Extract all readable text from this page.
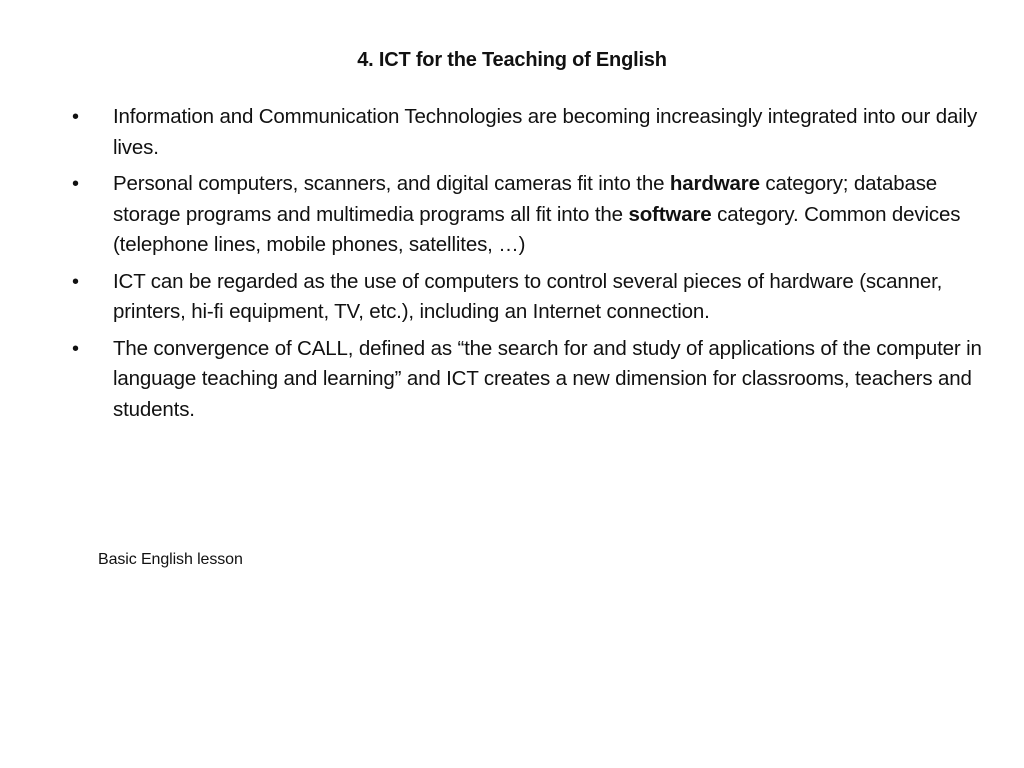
4. ICT for the Teaching of English
•	Information and Communication Technologies are becoming increasingly integrated into our daily lives.
•	Personal computers, scanners, and digital cameras fit into the hardware category; database storage programs and multimedia programs all fit into the software category. Common devices (telephone lines, mobile phones, satellites, …)
•	ICT can be regarded as the use of computers to control several pieces of hardware (scanner, printers, hi-fi equipment, TV, etc.), including an Internet connection.
•	The convergence of CALL, defined as “the search for and study of applications of the computer in language teaching and learning” and ICT creates a new dimension for classrooms, teachers and students.
Basic English lesson
